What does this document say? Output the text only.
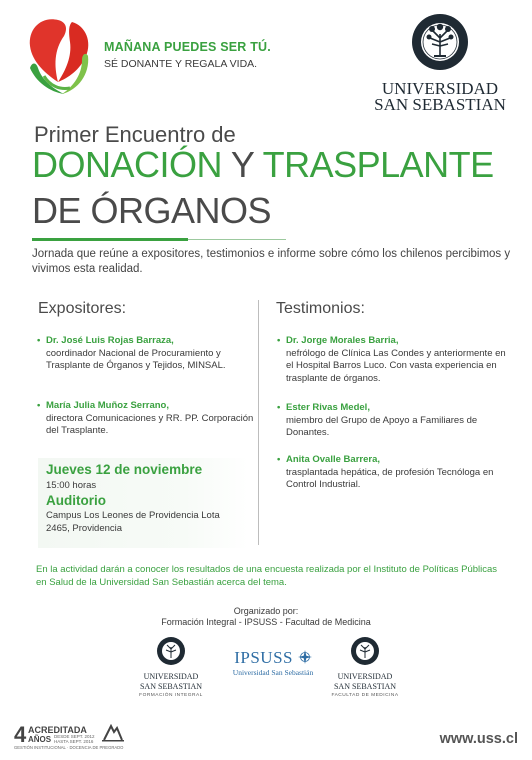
MAÑANA PUEDES SER TÚ.
SÉ DONANTE Y REGALA VIDA.
UNIVERSIDAD
SAN SEBASTIAN
Primer Encuentro de
DONACIÓN Y TRASPLANTE
DE ÓRGANOS
Jornada que reúne a expositores, testimonios e informe sobre cómo los chilenos percibimos y vivimos esta realidad.
Expositores:	Testimonios:
• Dr. José Luis Rojas Barraza,
coordinador Nacional de Procuramiento y Trasplante de Órganos y Tejidos, MINSAL.
• María Julia Muñoz Serrano,
directora Comunicaciones y RR. PP. Corporación del Trasplante.
• Dr. Jorge Morales Barria,
nefrólogo de Clínica Las Condes y anteriormente en el Hospital Barros Luco. Con vasta experiencia en trasplante de órganos.
• Ester Rivas Medel,
miembro del Grupo de Apoyo a Familiares de Donantes.
• Anita Ovalle Barrera,
trasplantada hepática, de profesión Tecnóloga en Control Industrial.
Jueves 12 de noviembre
15:00 horas
Auditorio
Campus Los Leones de Providencia Lota 2465, Providencia
En la actividad darán a conocer los resultados de una encuesta realizada por el Instituto de Políticas Públicas en Salud de la Universidad San Sebastián acerca del tema.
Organizado por:
Formación Integral - IPSUSS - Facultad de Medicina
UNIVERSIDAD
SAN SEBASTIAN
FORMACIÓN INTEGRAL
IPSUSS
Universidad San Sebastián	UNIVERSIDAD
SAN SEBASTIAN
FACULTAD DE MEDICINA
4 ACREDITADA
AÑOS DESDE SEPT. 2012
HASTA SEPT. 2016
GESTIÓN INSTITUCIONAL · DOCENCIA DE PREGRADO
www.uss.cl
